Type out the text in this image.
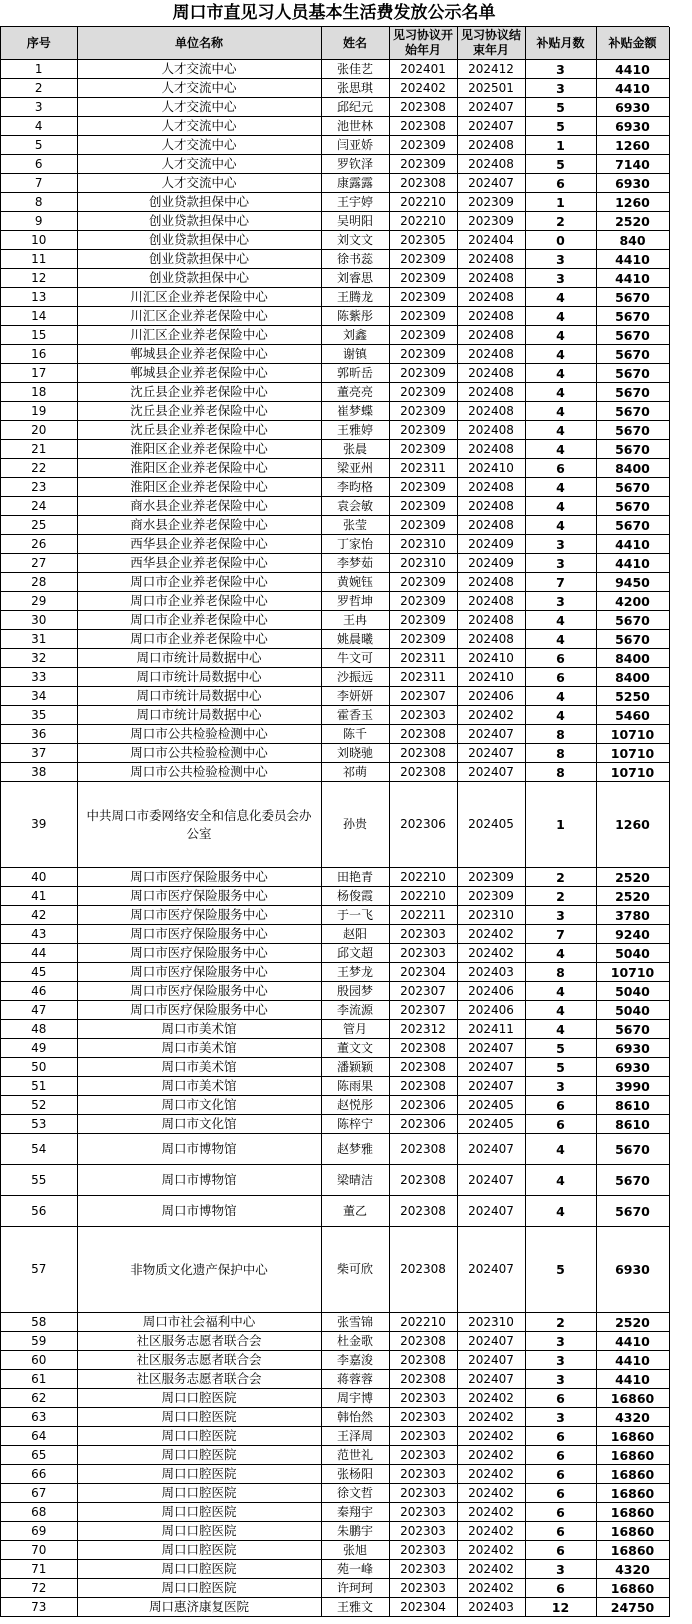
周口市直见习人员基本生活费发放公示名单
序号	单位名称	姓名	见习协议开始年月	见习协议结束年月	补贴月数	补贴金额
1	人才交流中心	张佳艺	202401	202412	3	4410
2	人才交流中心	张思琪	202402	202501	3	4410
3	人才交流中心	邱纪元	202308	202407	5	6930
4	人才交流中心	池世林	202308	202407	5	6930
5	人才交流中心	闫亚娇	202309	202408	1	1260
6	人才交流中心	罗钦泽	202309	202408	5	7140
7	人才交流中心	康露露	202308	202407	6	6930
8	创业贷款担保中心	王宇婷	202210	202309	1	1260
9	创业贷款担保中心	吴明阳	202210	202309	2	2520
10	创业贷款担保中心	刘文文	202305	202404	0	840
11	创业贷款担保中心	徐书蕊	202309	202408	3	4410
12	创业贷款担保中心	刘睿思	202309	202408	3	4410
13	川汇区企业养老保险中心	王腾龙	202309	202408	4	5670
14	川汇区企业养老保险中心	陈紫彤	202309	202408	4	5670
15	川汇区企业养老保险中心	刘鑫	202309	202408	4	5670
16	郸城县企业养老保险中心	谢镇	202309	202408	4	5670
17	郸城县企业养老保险中心	郭昕岳	202309	202408	4	5670
18	沈丘县企业养老保险中心	董亮亮	202309	202408	4	5670
19	沈丘县企业养老保险中心	崔梦蝶	202309	202408	4	5670
20	沈丘县企业养老保险中心	王雅婷	202309	202408	4	5670
21	淮阳区企业养老保险中心	张晨	202309	202408	4	5670
22	淮阳区企业养老保险中心	梁亚州	202311	202410	6	8400
23	淮阳区企业养老保险中心	李昀格	202309	202408	4	5670
24	商水县企业养老保险中心	袁会敏	202309	202408	4	5670
25	商水县企业养老保险中心	张莹	202309	202408	4	5670
26	西华县企业养老保险中心	丁家怡	202310	202409	3	4410
27	西华县企业养老保险中心	李梦茹	202310	202409	3	4410
28	周口市企业养老保险中心	黄婉钰	202309	202408	7	9450
29	周口市企业养老保险中心	罗哲坤	202309	202408	3	4200
30	周口市企业养老保险中心	王冉	202309	202408	4	5670
31	周口市企业养老保险中心	姚晨曦	202309	202408	4	5670
32	周口市统计局数据中心	牛文可	202311	202410	6	8400
33	周口市统计局数据中心	沙振远	202311	202410	6	8400
34	周口市统计局数据中心	李妍妍	202307	202406	4	5250
35	周口市统计局数据中心	霍香玉	202303	202402	4	5460
36	周口市公共检验检测中心	陈千	202308	202407	8	10710
37	周口市公共检验检测中心	刘晓驰	202308	202407	8	10710
38	周口市公共检验检测中心	祁萌	202308	202407	8	10710
39	中共周口市委网络安全和信息化委员会办公室	孙贵	202306	202405	1	1260
40	周口市医疗保险服务中心	田艳青	202210	202309	2	2520
41	周口市医疗保险服务中心	杨俊霞	202210	202309	2	2520
42	周口市医疗保险服务中心	于一飞	202211	202310	3	3780
43	周口市医疗保险服务中心	赵阳	202303	202402	7	9240
44	周口市医疗保险服务中心	邱文超	202303	202402	4	5040
45	周口市医疗保险服务中心	王梦龙	202304	202403	8	10710
46	周口市医疗保险服务中心	殷园梦	202307	202406	4	5040
47	周口市医疗保险服务中心	李流源	202307	202406	4	5040
48	周口市美术馆	管月	202312	202411	4	5670
49	周口市美术馆	董文文	202308	202407	5	6930
50	周口市美术馆	潘颖颖	202308	202407	5	6930
51	周口市美术馆	陈雨果	202308	202407	3	3990
52	周口市文化馆	赵悦彤	202306	202405	6	8610
53	周口市文化馆	陈梓宁	202306	202405	6	8610
54	周口市博物馆	赵梦雅	202308	202407	4	5670
55	周口市博物馆	梁晴洁	202308	202407	4	5670
56	周口市博物馆	董乙	202308	202407	4	5670
57	非物质文化遗产保护中心	柴可欣	202308	202407	5	6930
58	周口市社会福利中心	张雪锦	202210	202310	2	2520
59	社区服务志愿者联合会	杜金歌	202308	202407	3	4410
60	社区服务志愿者联合会	李嘉浚	202308	202407	3	4410
61	社区服务志愿者联合会	蒋蓉蓉	202308	202407	3	4410
62	周口口腔医院	周宇博	202303	202402	6	16860
63	周口口腔医院	韩怡然	202303	202402	3	4320
64	周口口腔医院	王泽周	202303	202402	6	16860
65	周口口腔医院	范世礼	202303	202402	6	16860
66	周口口腔医院	张杨阳	202303	202402	6	16860
67	周口口腔医院	徐文哲	202303	202402	6	16860
68	周口口腔医院	秦翔宇	202303	202402	6	16860
69	周口口腔医院	朱鹏宇	202303	202402	6	16860
70	周口口腔医院	张旭	202303	202402	6	16860
71	周口口腔医院	苑一峰	202303	202402	3	4320
72	周口口腔医院	许珂珂	202303	202402	6	16860
73	周口惠济康复医院	王雅文	202304	202403	12	24750
